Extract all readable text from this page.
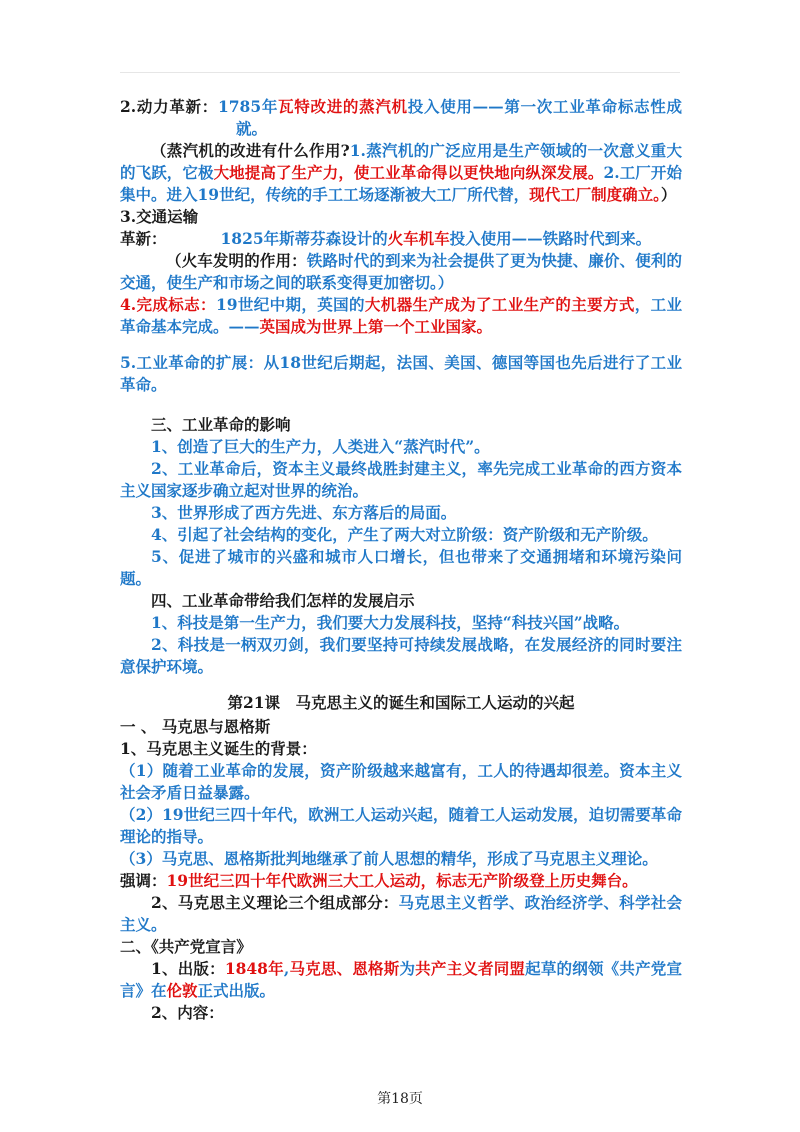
2.动力革新：1785年瓦特改进的蒸汽机投入使用——第一次工业革命标志性成就。

（蒸汽机的改进有什么作用?1.蒸汽机的广泛应用是生产领域的一次意义重大的飞跃，它极大地提高了生产力，使工业革命得以更快地向纵深发展。2.工厂开始集中。进入19世纪，传统的手工工场逐渐被大工厂所代替，现代工厂制度确立。）

3.交通运输

革新：	1825年斯蒂芬森设计的火车机车投入使用——铁路时代到来。

（火车发明的作用：铁路时代的到来为社会提供了更为快捷、廉价、便利的交通，使生产和市场之间的联系变得更加密切。）

4.完成标志：19世纪中期，英国的大机器生产成为了工业生产的主要方式，工业革命基本完成。——英国成为世界上第一个工业国家。

5.工业革命的扩展：从18世纪后期起，法国、美国、德国等国也先后进行了工业革命。

三、工业革命的影响

1、创造了巨大的生产力，人类进入“蒸汽时代”。

2、工业革命后，资本主义最终战胜封建主义，率先完成工业革命的西方资本主义国家逐步确立起对世界的统治。

3、世界形成了西方先进、东方落后的局面。

4、引起了社会结构的变化，产生了两大对立阶级：资产阶级和无产阶级。

5、促进了城市的兴盛和城市人口增长，但也带来了交通拥堵和环境污染问题。

四、工业革命带给我们怎样的发展启示

1、科技是第一生产力，我们要大力发展科技，坚持“科技兴国”战略。

2、科技是一柄双刃剑，我们要坚持可持续发展战略，在发展经济的同时要注意保护环境。

第21课　马克思主义的诞生和国际工人运动的兴起

一 、 马克思与恩格斯

1、马克思主义诞生的背景：

（1）随着工业革命的发展，资产阶级越来越富有，工人的待遇却很差。资本主义社会矛盾日益暴露。

（2）19世纪三四十年代，欧洲工人运动兴起，随着工人运动发展，迫切需要革命理论的指导。

（3）马克思、恩格斯批判地继承了前人思想的精华，形成了马克思主义理论。

强调：19世纪三四十年代欧洲三大工人运动，标志无产阶级登上历史舞台。

2、马克思主义理论三个组成部分：马克思主义哲学、政治经济学、科学社会主义。

二、《共产党宣言》

1、出版：1848年,马克思、恩格斯为共产主义者同盟起草的纲领《共产党宣言》在伦敦正式出版。

2、内容：

第18页
